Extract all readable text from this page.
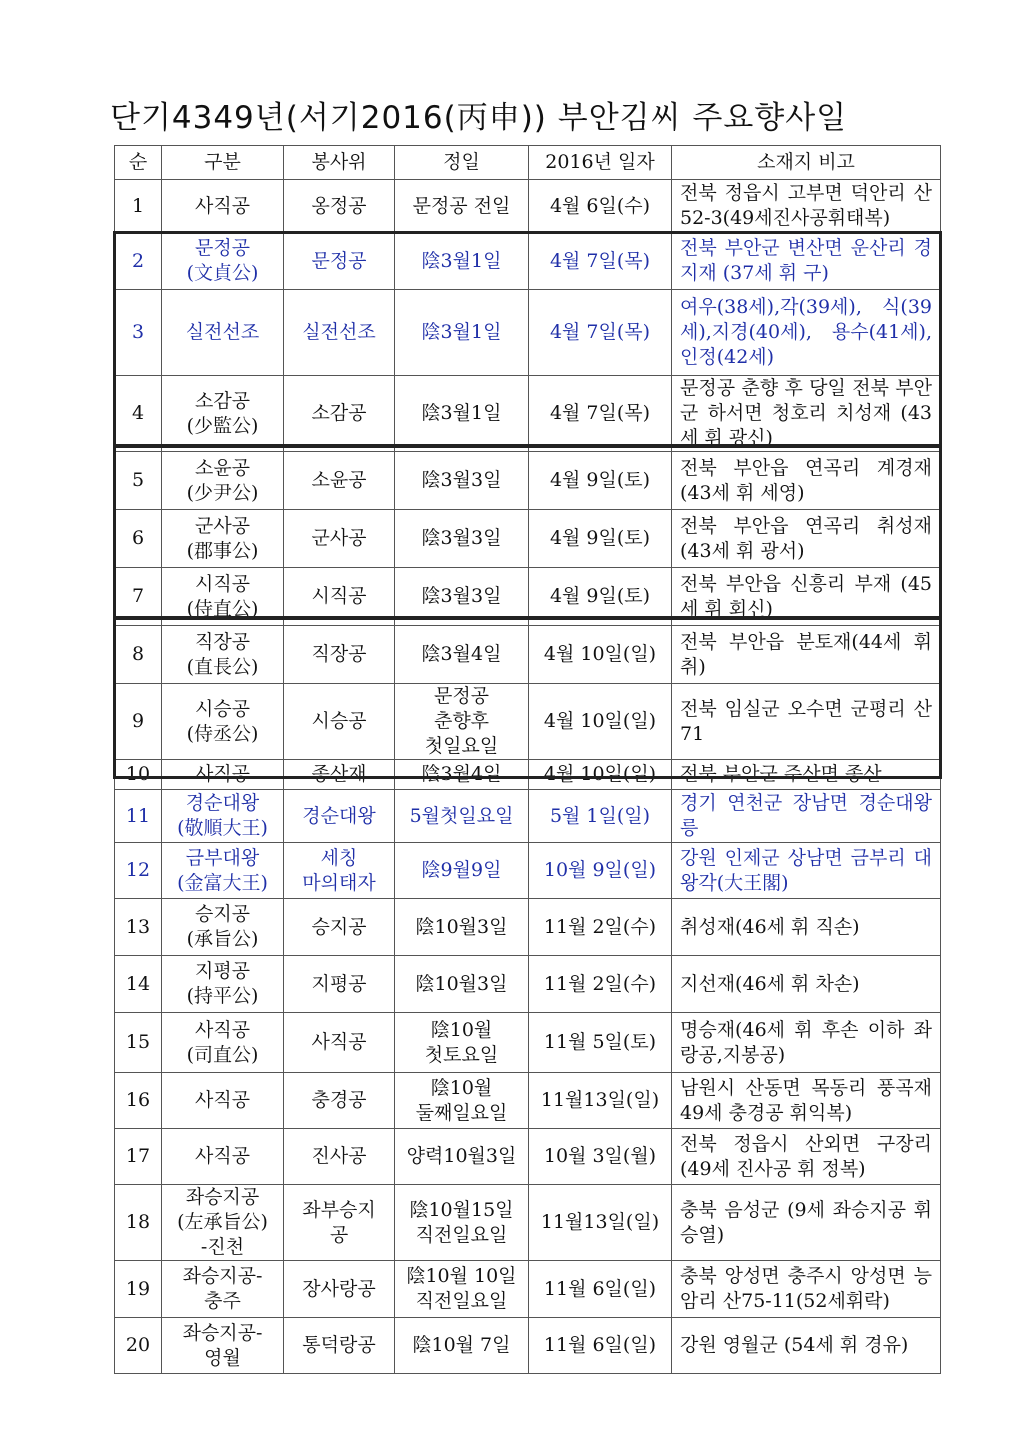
단기4349년(서기2016(丙申)) 부안김씨 주요향사일
순	구분	봉사위	정일	2016년 일자	소재지 비고
1	사직공	옹정공	문정공 전일	4월 6일(수)	전북 정읍시 고부면 덕안리 산52-3(49세진사공휘태복)
2	문정공
(文貞公)	문정공	陰3월1일	4월 7일(목)	전북 부안군 변산면 운산리 경지재 (37세 휘 구)
3	실전선조	실전선조	陰3월1일	4월 7일(목)	여우(38세),각(39세), 식(39세),지경(40세), 용수(41세),인정(42세)
4	소감공
(少監公)	소감공	陰3월1일	4월 7일(목)	문정공 춘향 후 당일 전북 부안군 하서면 청호리 치성재 (43세 휘 광신)
5	소윤공
(少尹公)	소윤공	陰3월3일	4월 9일(토)	전북 부안읍 연곡리 계경재 (43세 휘 세영)
6	군사공
(郡事公)	군사공	陰3월3일	4월 9일(토)	전북 부안읍 연곡리 취성재 (43세 휘 광서)
7	시직공
(侍直公)	시직공	陰3월3일	4월 9일(토)	전북 부안읍 신흥리 부재 (45세 휘 회신)
8	직장공
(直長公)	직장공	陰3월4일	4월 10일(일)	전북 부안읍 분토재(44세 휘 취)
9	시승공
(侍丞公)	시승공	문정공
춘향후
첫일요일	4월 10일(일)	전북 임실군 오수면 군평리 산71
10	사직공	종산재	陰3월4일	4월 10일(일)	전북 부안군 주산면 종산
11	경순대왕
(敬順大王)	경순대왕	5월첫일요일	5월 1일(일)	경기 연천군 장남면 경순대왕릉
12	금부대왕
(金富大王)	세칭
마의태자	陰9월9일	10월 9일(일)	강원 인제군 상남면 금부리 대왕각(大王閣)
13	승지공
(承旨公)	승지공	陰10월3일	11월 2일(수)	취성재(46세 휘 직손)
14	지평공
(持平公)	지평공	陰10월3일	11월 2일(수)	지선재(46세 휘 차손)
15	사직공
(司直公)	사직공	陰10월
첫토요일	11월 5일(토)	명승재(46세 휘 후손 이하 좌랑공,지봉공)
16	사직공	충경공	陰10월
둘째일요일	11월13일(일)	남원시 산동면 목동리 풍곡재 49세 충경공 휘익복)
17	사직공	진사공	양력10월3일	10월 3일(월)	전북 정읍시 산외면 구장리 (49세 진사공 휘 정복)
18	좌승지공
(左承旨公)
-진천	좌부승지
공	陰10월15일
직전일요일	11월13일(일)	충북 음성군 (9세 좌승지공 휘 승열)
19	좌승지공-
충주	장사랑공	陰10월 10일
직전일요일	11월 6일(일)	충북 앙성면 충주시 앙성면 능암리 산75-11(52세휘락)
20	좌승지공-
영월	통덕랑공	陰10월 7일	11월 6일(일)	강원 영월군 (54세 휘 경유)
